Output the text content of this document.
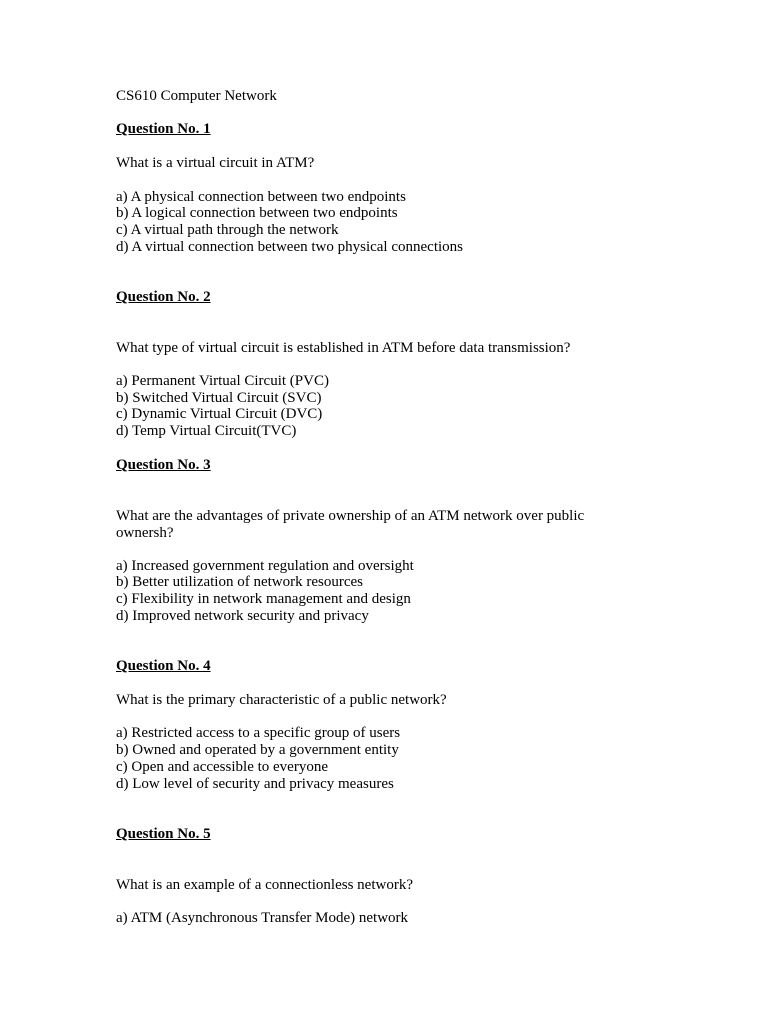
CS610 Computer Network
Question No. 1
What is a virtual circuit in ATM?
a) A physical connection between two endpoints
b) A logical connection between two endpoints
c) A virtual path through the network
d) A virtual connection between two physical connections
Question No. 2
What type of virtual circuit is established in ATM before data transmission?
a) Permanent Virtual Circuit (PVC)
b) Switched Virtual Circuit (SVC)
c) Dynamic Virtual Circuit (DVC)
d) Temp Virtual Circuit(TVC)
Question No. 3
What are the advantages of private ownership of an ATM network over public ownersh?
a) Increased government regulation and oversight
b) Better utilization of network resources
c) Flexibility in network management and design
d) Improved network security and privacy
Question No. 4
What is the primary characteristic of a public network?
a) Restricted access to a specific group of users
b) Owned and operated by a government entity
c) Open and accessible to everyone
d) Low level of security and privacy measures
Question No. 5
What is an example of a connectionless network?
a) ATM (Asynchronous Transfer Mode) network
